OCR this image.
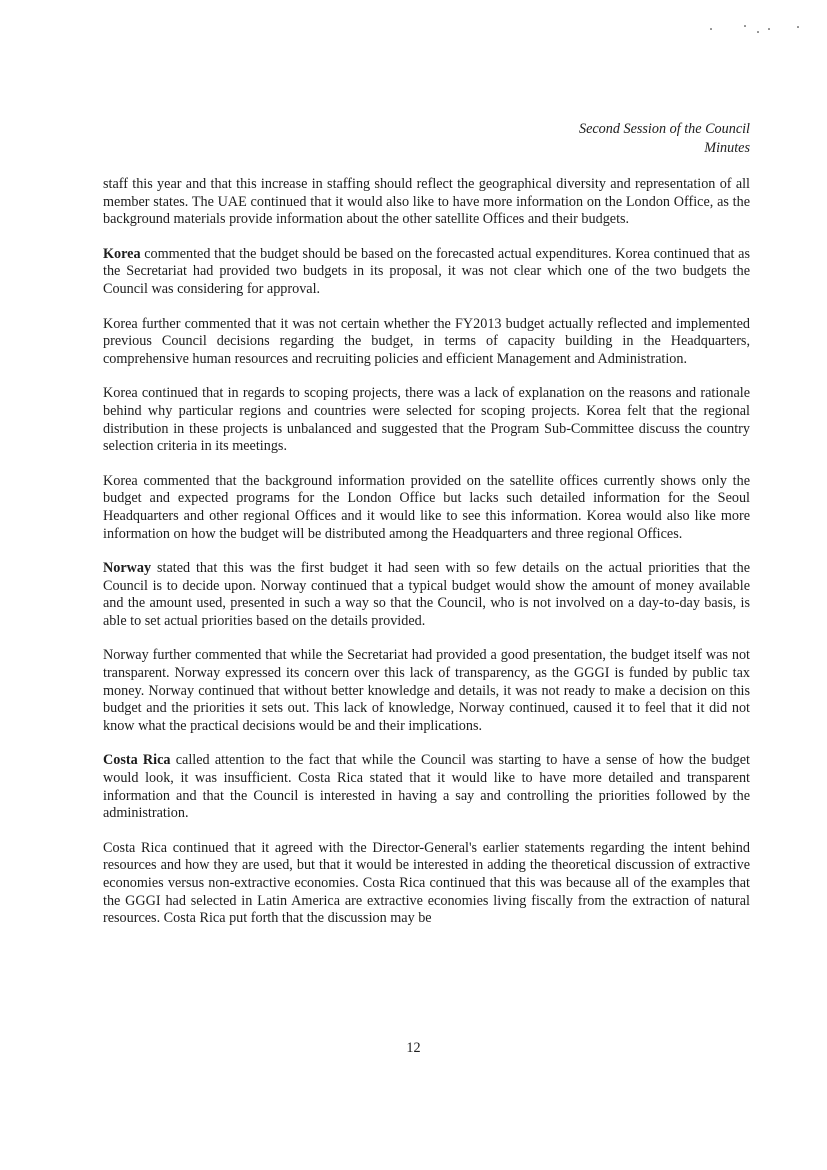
Second Session of the Council
Minutes

staff this year and that this increase in staffing should reflect the geographical diversity and representation of all member states. The UAE continued that it would also like to have more information on the London Office, as the background materials provide information about the other satellite Offices and their budgets.

Korea commented that the budget should be based on the forecasted actual expenditures. Korea continued that as the Secretariat had provided two budgets in its proposal, it was not clear which one of the two budgets the Council was considering for approval.

Korea further commented that it was not certain whether the FY2013 budget actually reflected and implemented previous Council decisions regarding the budget, in terms of capacity building in the Headquarters, comprehensive human resources and recruiting policies and efficient Management and Administration.

Korea continued that in regards to scoping projects, there was a lack of explanation on the reasons and rationale behind why particular regions and countries were selected for scoping projects. Korea felt that the regional distribution in these projects is unbalanced and suggested that the Program Sub-Committee discuss the country selection criteria in its meetings.

Korea commented that the background information provided on the satellite offices currently shows only the budget and expected programs for the London Office but lacks such detailed information for the Seoul Headquarters and other regional Offices and it would like to see this information. Korea would also like more information on how the budget will be distributed among the Headquarters and three regional Offices.

Norway stated that this was the first budget it had seen with so few details on the actual priorities that the Council is to decide upon. Norway continued that a typical budget would show the amount of money available and the amount used, presented in such a way so that the Council, who is not involved on a day-to-day basis, is able to set actual priorities based on the details provided.

Norway further commented that while the Secretariat had provided a good presentation, the budget itself was not transparent. Norway expressed its concern over this lack of transparency, as the GGGI is funded by public tax money. Norway continued that without better knowledge and details, it was not ready to make a decision on this budget and the priorities it sets out. This lack of knowledge, Norway continued, caused it to feel that it did not know what the practical decisions would be and their implications.

Costa Rica called attention to the fact that while the Council was starting to have a sense of how the budget would look, it was insufficient. Costa Rica stated that it would like to have more detailed and transparent information and that the Council is interested in having a say and controlling the priorities followed by the administration.

Costa Rica continued that it agreed with the Director-General's earlier statements regarding the intent behind resources and how they are used, but that it would be interested in adding the theoretical discussion of extractive economies versus non-extractive economies. Costa Rica continued that this was because all of the examples that the GGGI had selected in Latin America are extractive economies living fiscally from the extraction of natural resources. Costa Rica put forth that the discussion may be

12
